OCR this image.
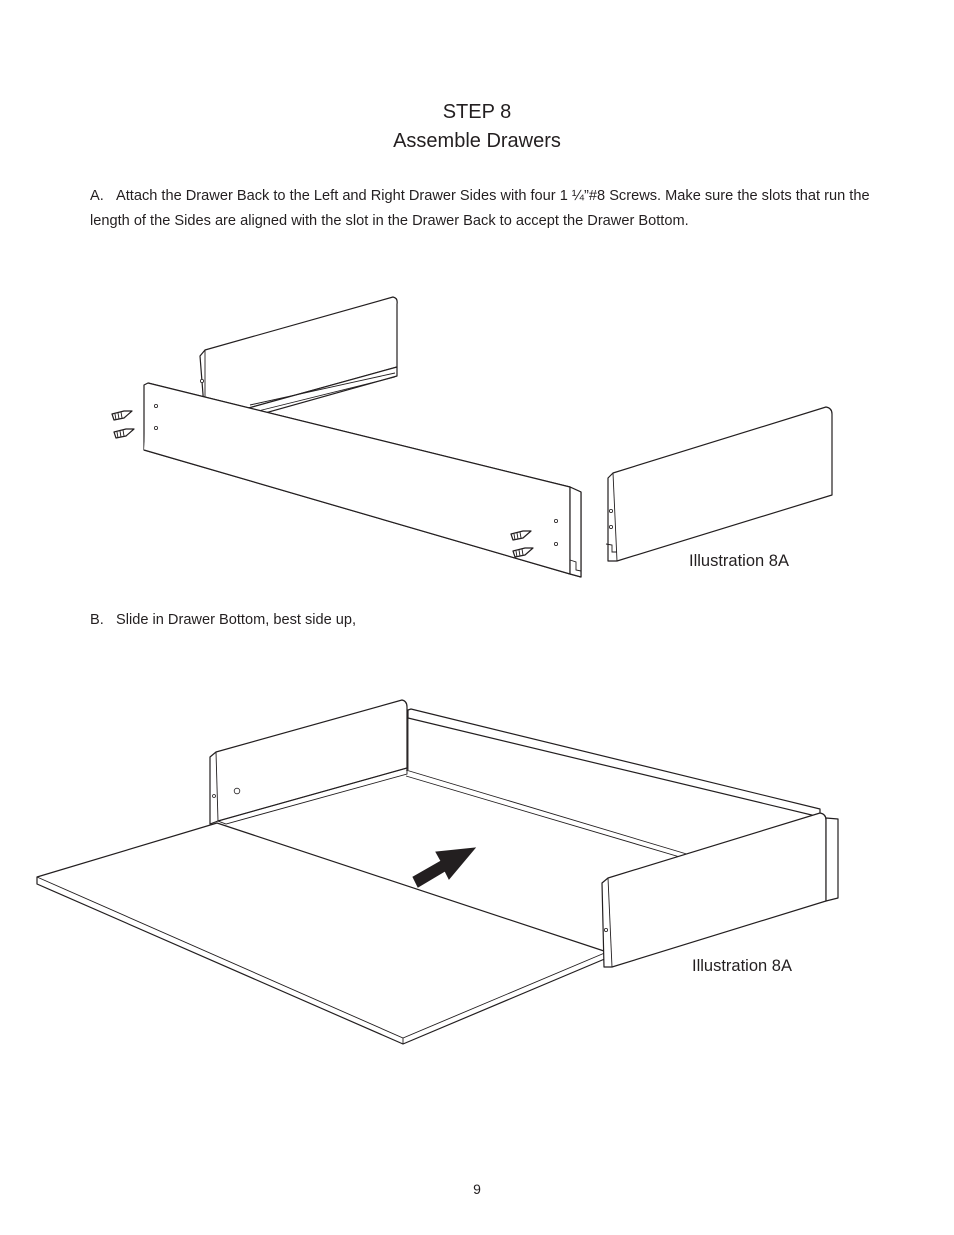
STEP 8
Assemble Drawers
A. Attach the Drawer Back to the Left and Right Drawer Sides with four 1 ¼”#8 Screws. Make sure the slots that run the length of the Sides are aligned with the slot in the Drawer Back to accept the Drawer Bottom.
Illustration 8A
B. Slide in Drawer Bottom, best side up,
Illustration 8A
9
